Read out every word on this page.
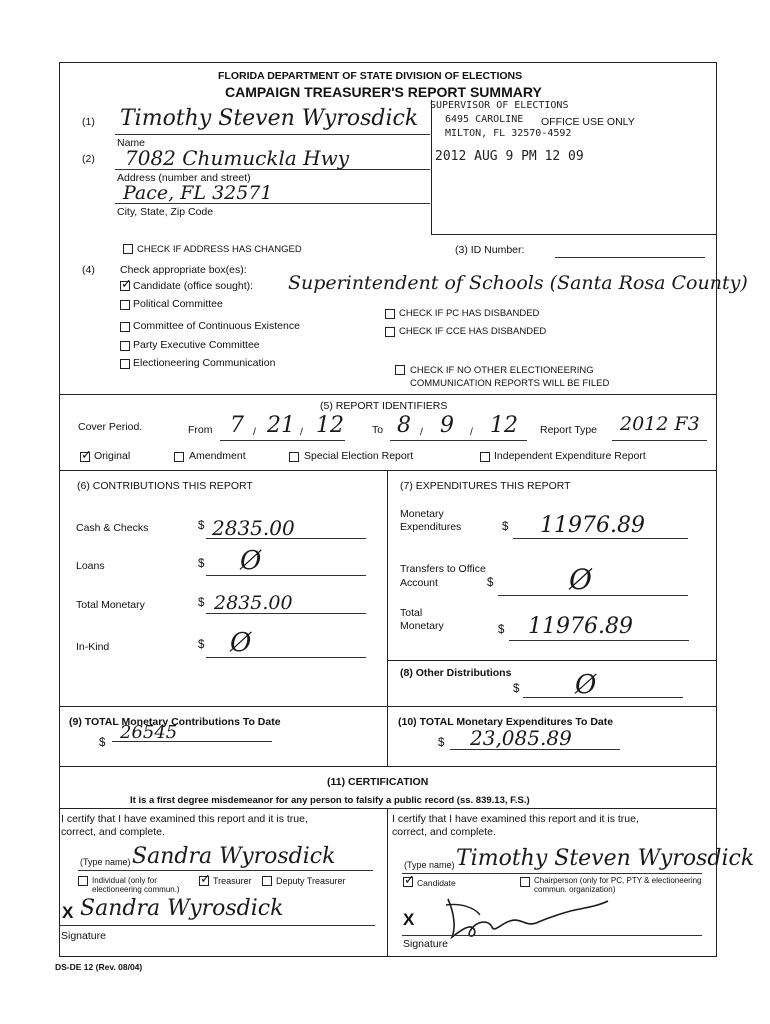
FLORIDA DEPARTMENT OF STATE DIVISION OF ELECTIONS
CAMPAIGN TREASURER'S REPORT SUMMARY
SUPERVISOR OF ELECTIONS
6495 CAROLINE OFFICE USE ONLY
MILTON, FL 32570-4592
2012 AUG 9 PM 12 09
(1) Timothy Steven Wyrosdick
Name
(2) 7082 Chumuckla Hwy
Address (number and street)
Pace, FL 32571
City, State, Zip Code
CHECK IF ADDRESS HAS CHANGED	(3) ID Number:
(4) Check appropriate box(es):
✓
Candidate (office sought): Superintendent of Schools (Santa Rosa County)
Political Committee
Committee of Continuous Existence
Party Executive Committee
Electioneering Communication
CHECK IF PC HAS DISBANDED
CHECK IF CCE HAS DISBANDED
CHECK IF NO OTHER ELECTIONEERING
COMMUNICATION REPORTS WILL BE FILED
(5) REPORT IDENTIFIERS
Cover Period.	From 7 / 21 / 12	To 8 / 9 / 12 Report Type 2012 F3
✓
Original	Amendment	Special Election Report	Independent Expenditure Report
(6) CONTRIBUTIONS THIS REPORT
Cash & Checks	$ 2835.00
Loans	$ Ø
Total Monetary	$ 2835.00
In-Kind	$ Ø
(7) EXPENDITURES THIS REPORT
Monetary
Expenditures	$ 11976.89
Transfers to Office
Account	$	Ø
Total
Monetary	$ 11976.89
(8) Other Distributions
$ Ø
(9) TOTAL Monetary Contributions To Date
$ 26545	(10) TOTAL Monetary Expenditures To Date
$ 23,085.89
(11) CERTIFICATION
It is a first degree misdemeanor for any person to falsify a public record (ss. 839.13, F.S.)
I certify that I have examined this report and it is true,
correct, and complete.
(Type name) Sandra Wyrosdick
Individual (only for electioneering commun.)
✓
Treasurer	Deputy Treasurer
X Sandra Wyrosdick
Signature
I certify that I have examined this report and it is true,
correct, and complete.
(Type name) Timothy Steven Wyrosdick
✓
Candidate	Chairperson (only for PC, PTY & electioneering commun. organization)
X
Signature
DS-DE 12 (Rev. 08/04)
